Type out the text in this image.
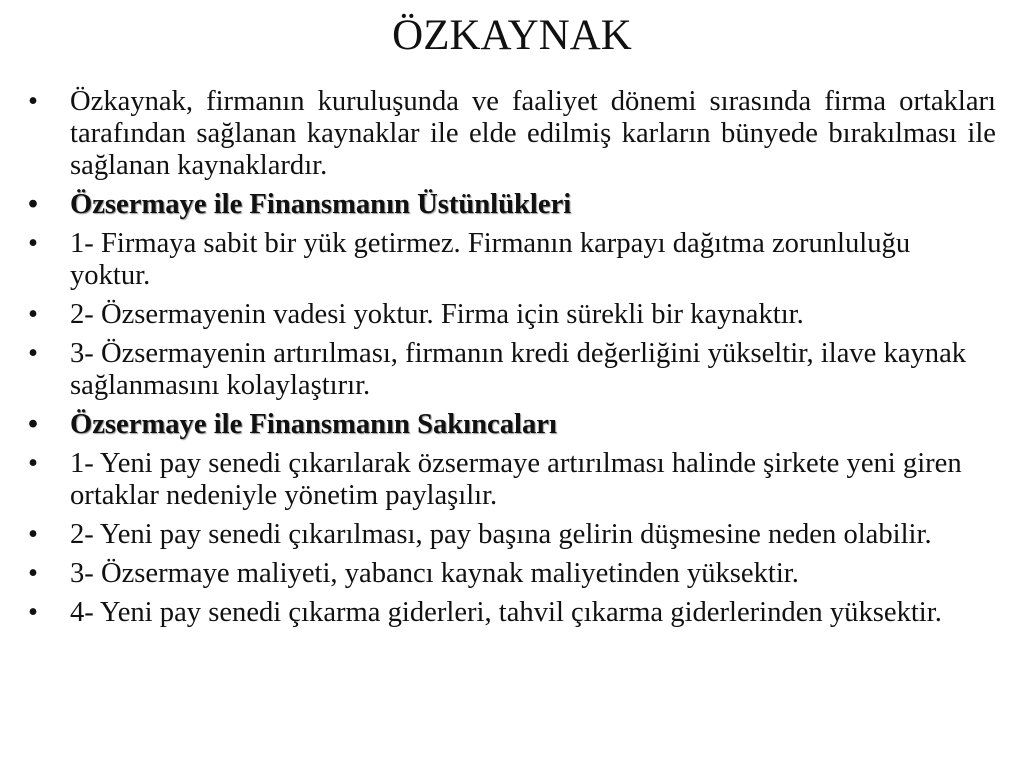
ÖZKAYNAK
•	Özkaynak, firmanın kuruluşunda ve faaliyet dönemi sırasında firma ortakları tarafından sağlanan kaynaklar ile elde edilmiş karların bünyede bırakılması ile sağlanan kaynaklardır.
•	Özsermaye ile Finansmanın Üstünlükleri
•	1- Firmaya sabit bir yük getirmez. Firmanın karpayı dağıtma zorunluluğu yoktur.
•	2- Özsermayenin vadesi yoktur. Firma için sürekli bir kaynaktır.
•	3- Özsermayenin artırılması, firmanın kredi değerliğini yükseltir, ilave kaynak sağlanmasını kolaylaştırır.
•	Özsermaye ile Finansmanın Sakıncaları
•	1- Yeni pay senedi çıkarılarak özsermaye artırılması halinde şirkete yeni giren ortaklar nedeniyle yönetim paylaşılır.
•	2- Yeni pay senedi çıkarılması, pay başına gelirin düşmesine neden olabilir.
•	3- Özsermaye maliyeti, yabancı kaynak maliyetinden yüksektir.
•	4- Yeni pay senedi çıkarma giderleri, tahvil çıkarma giderlerinden yüksektir.
